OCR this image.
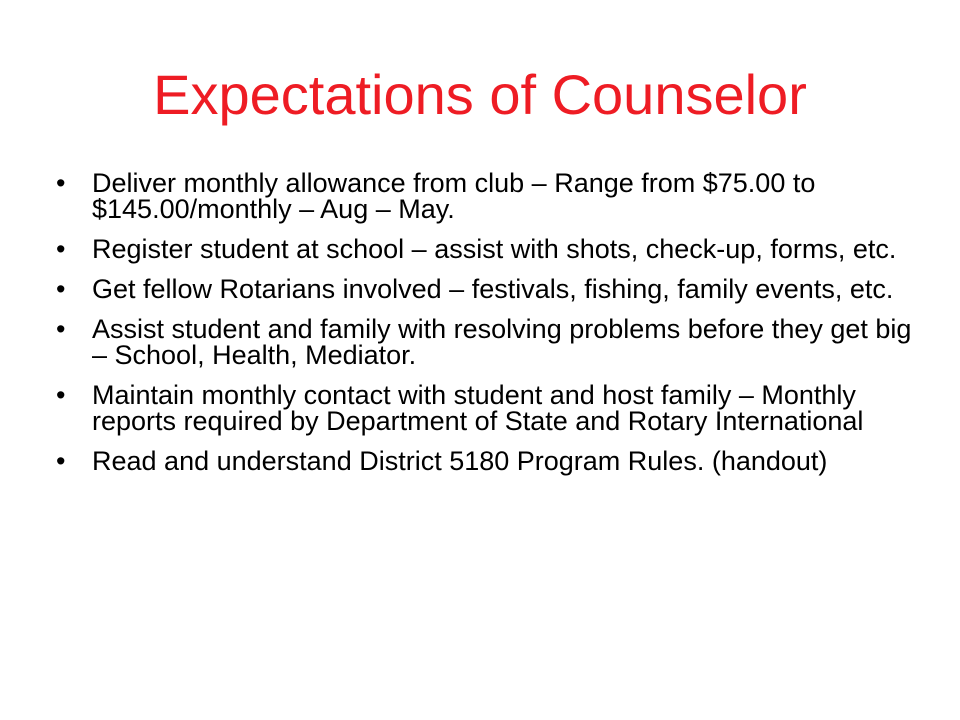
Expectations of Counselor
• Deliver monthly allowance from club – Range from $75.00 to $145.00/monthly – Aug – May.
• Register student at school – assist with shots, check-up, forms, etc.
• Get fellow Rotarians involved – festivals, fishing, family events, etc.
• Assist student and family with resolving problems before they get big – School, Health, Mediator.
• Maintain monthly contact with student and host family – Monthly reports required by Department of State and Rotary International
• Read and understand District 5180 Program Rules. (handout)
